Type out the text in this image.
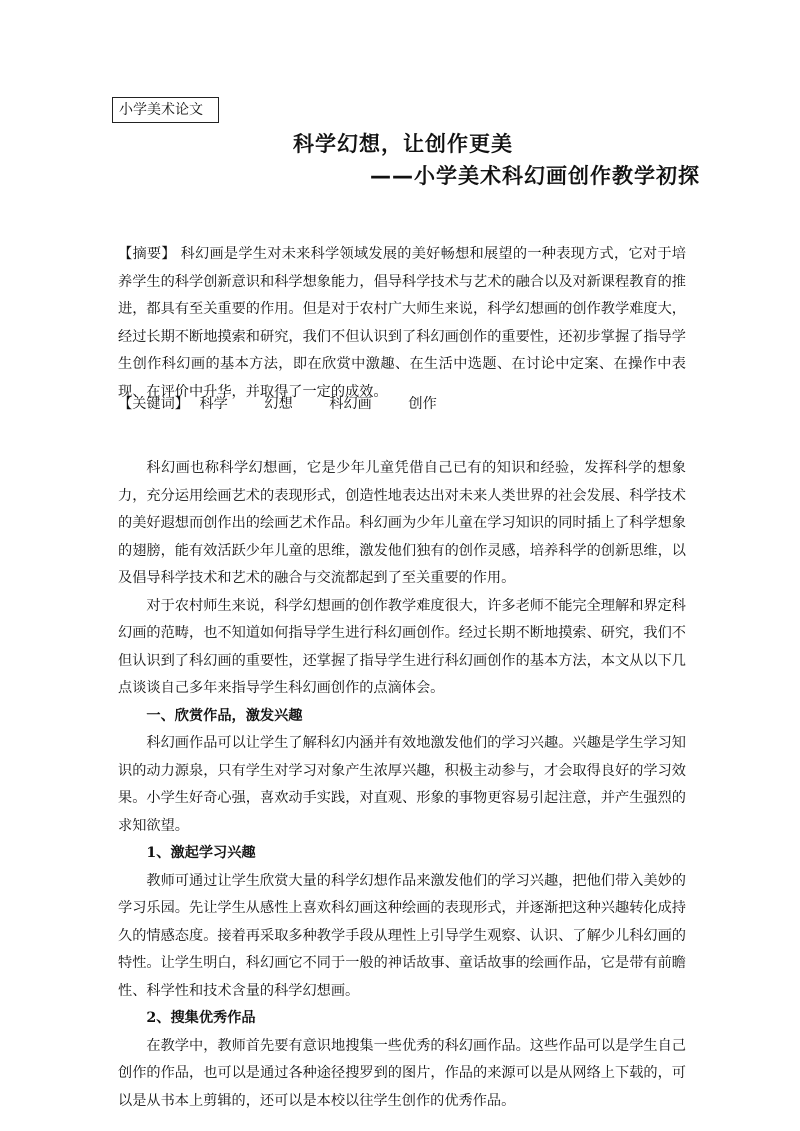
小学美术论文
科学幻想，让创作更美
——小学美术科幻画创作教学初探

【摘要】 科幻画是学生对未来科学领域发展的美好畅想和展望的一种表现方式，它对于培养学生的科学创新意识和科学想象能力，倡导科学技术与艺术的融合以及对新课程教育的推进，都具有至关重要的作用。但是对于农村广大师生来说，科学幻想画的创作教学难度大，经过长期不断地摸索和研究，我们不但认识到了科幻画创作的重要性，还初步掌握了指导学生创作科幻画的基本方法，即在欣赏中激趣、在生活中选题、在讨论中定案、在操作中表现、在评价中升华，并取得了一定的成效。

【关键词】 科学	幻想	科幻画	创作

科幻画也称科学幻想画，它是少年儿童凭借自己已有的知识和经验，发挥科学的想象力，充分运用绘画艺术的表现形式，创造性地表达出对未来人类世界的社会发展、科学技术的美好遐想而创作出的绘画艺术作品。科幻画为少年儿童在学习知识的同时插上了科学想象的翅膀，能有效活跃少年儿童的思维，激发他们独有的创作灵感，培养科学的创新思维，以及倡导科学技术和艺术的融合与交流都起到了至关重要的作用。

对于农村师生来说，科学幻想画的创作教学难度很大，许多老师不能完全理解和界定科幻画的范畴，也不知道如何指导学生进行科幻画创作。经过长期不断地摸索、研究，我们不但认识到了科幻画的重要性，还掌握了指导学生进行科幻画创作的基本方法，本文从以下几点谈谈自己多年来指导学生科幻画创作的点滴体会。

一、欣赏作品，激发兴趣

科幻画作品可以让学生了解科幻内涵并有效地激发他们的学习兴趣。兴趣是学生学习知识的动力源泉，只有学生对学习对象产生浓厚兴趣，积极主动参与，才会取得良好的学习效果。小学生好奇心强，喜欢动手实践，对直观、形象的事物更容易引起注意，并产生强烈的求知欲望。

1、激起学习兴趣

教师可通过让学生欣赏大量的科学幻想作品来激发他们的学习兴趣，把他们带入美妙的学习乐园。先让学生从感性上喜欢科幻画这种绘画的表现形式，并逐渐把这种兴趣转化成持久的情感态度。接着再采取多种教学手段从理性上引导学生观察、认识、了解少儿科幻画的特性。让学生明白，科幻画它不同于一般的神话故事、童话故事的绘画作品，它是带有前瞻性、科学性和技术含量的科学幻想画。

2、搜集优秀作品

在教学中，教师首先要有意识地搜集一些优秀的科幻画作品。这些作品可以是学生自己创作的作品，也可以是通过各种途径搜罗到的图片，作品的来源可以是从网络上下载的，可以是从书本上剪辑的，还可以是本校以往学生创作的优秀作品。
